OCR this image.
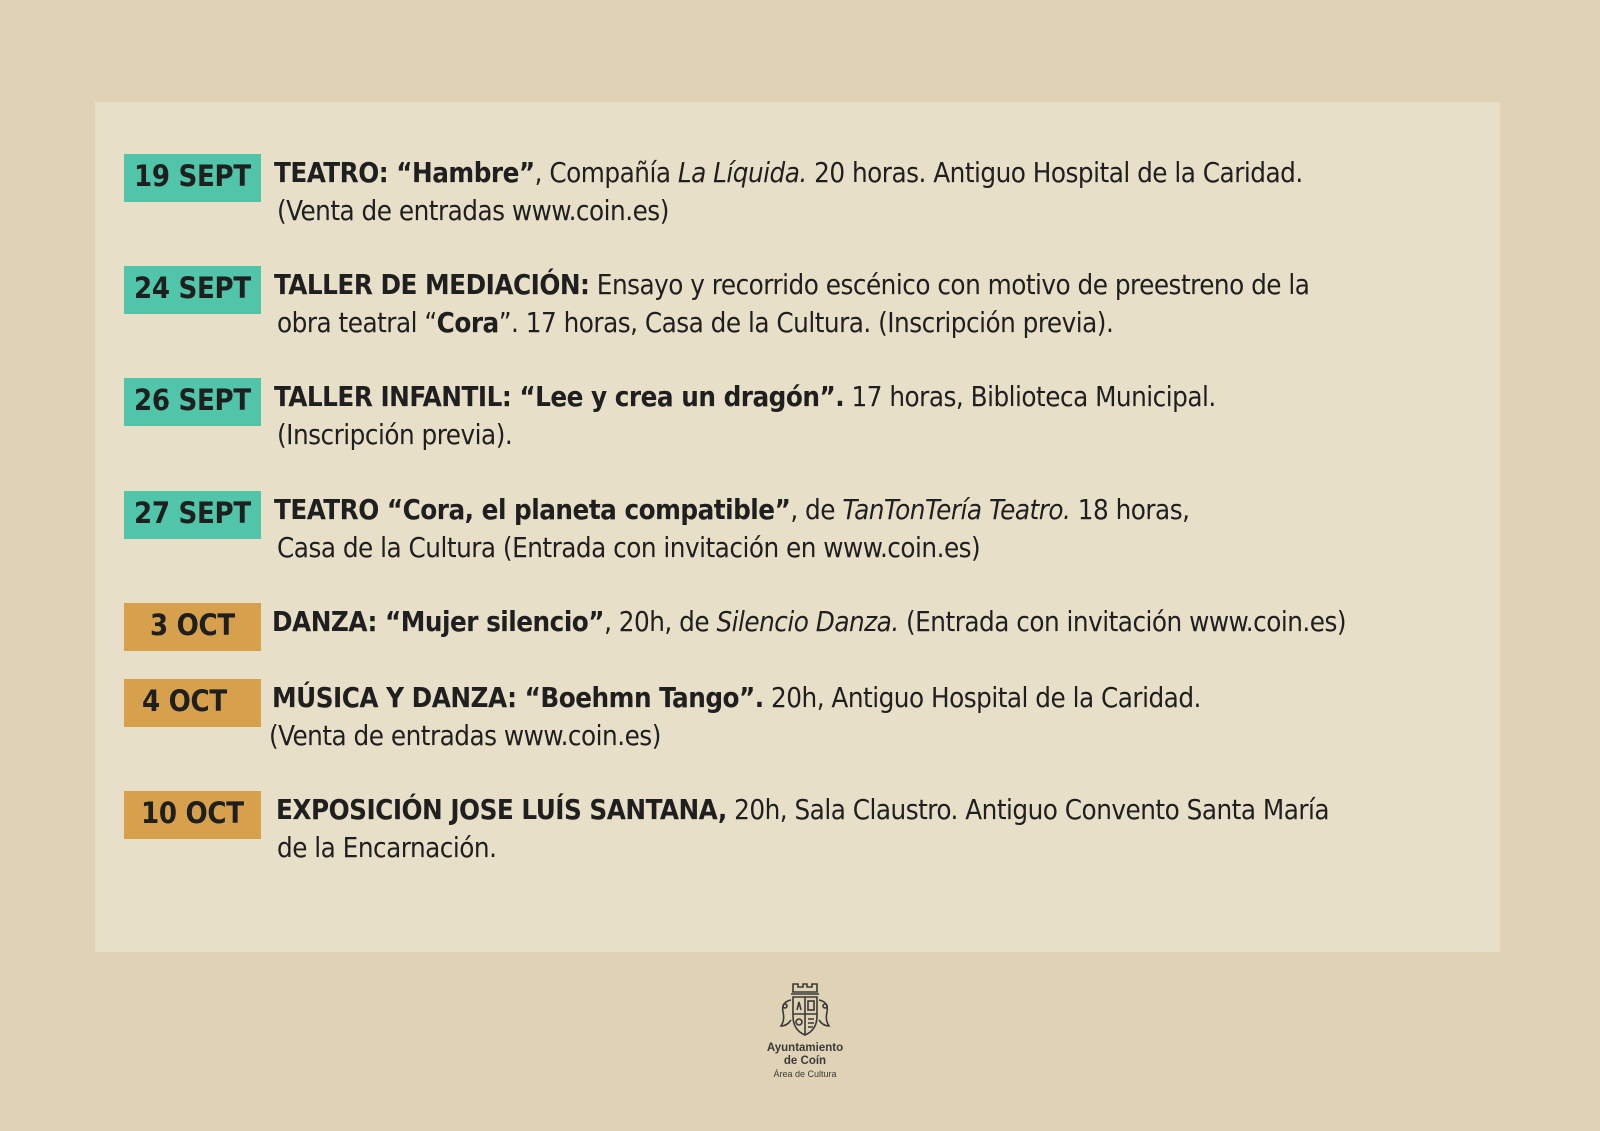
19 SEPT TEATRO: “Hambre”, Compañía La Líquida. 20 horas. Antiguo Hospital de la Caridad.
(Venta de entradas www.coin.es)
24 SEPT TALLER DE MEDIACIÓN: Ensayo y recorrido escénico con motivo de preestreno de la
obra teatral “Cora”. 17 horas, Casa de la Cultura. (Inscripción previa).
26 SEPT TALLER INFANTIL: “Lee y crea un dragón”. 17 horas, Biblioteca Municipal.
(Inscripción previa).
27 SEPT TEATRO “Cora, el planeta compatible”, de TanTonTería Teatro. 18 horas,
Casa de la Cultura (Entrada con invitación en www.coin.es)
3 OCT	DANZA: “Mujer silencio”, 20h, de Silencio Danza. (Entrada con invitación www.coin.es)
4 OCT	MÚSICA Y DANZA: “Boehmn Tango”. 20h, Antiguo Hospital de la Caridad.
(Venta de entradas www.coin.es)
10 OCT	EXPOSICIÓN JOSE LUÍS SANTANA, 20h, Sala Claustro. Antiguo Convento Santa María
de la Encarnación.
Ayuntamiento
de Coín
Área de Cultura
